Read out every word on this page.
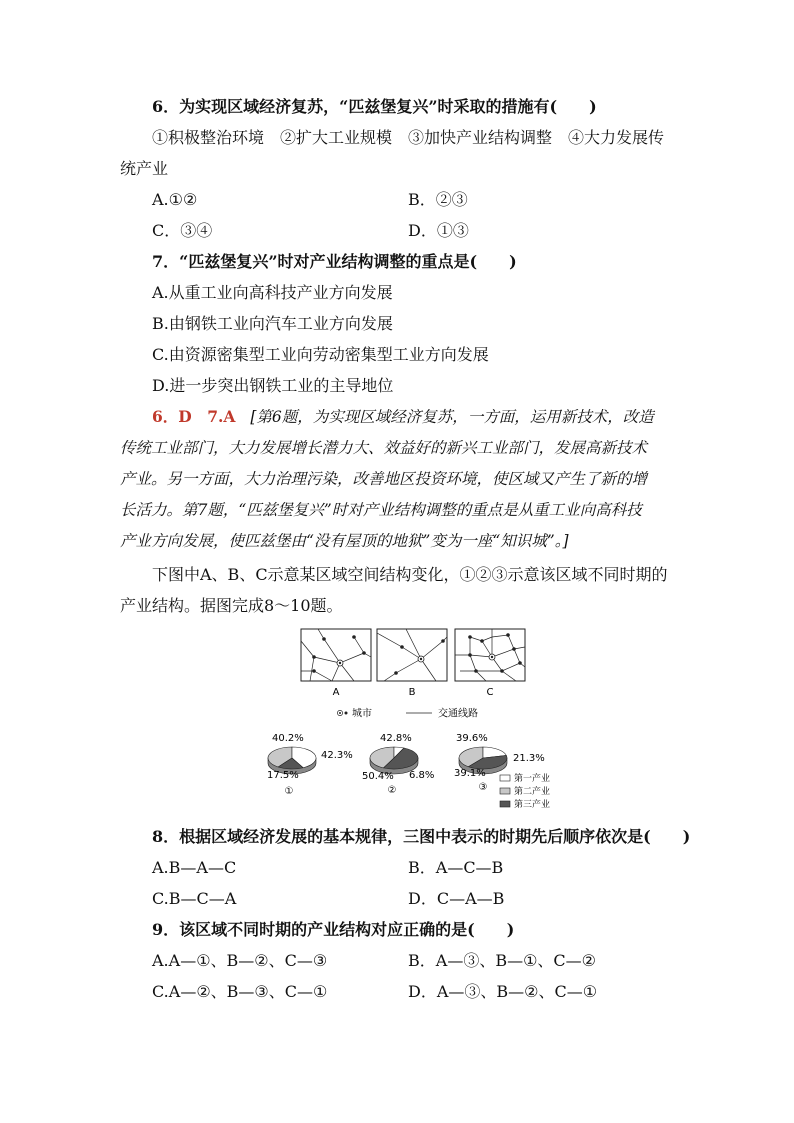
6．为实现区域经济复苏，“匹兹堡复兴”时采取的措施有(　　)
①积极整治环境　②扩大工业规模　③加快产业结构调整　④大力发展传
统产业
A.①②	B．②③
C．③④	D．①③
7．“匹兹堡复兴”时对产业结构调整的重点是(　　)
A.从重工业向高科技产业方向发展
B.由钢铁工业向汽车工业方向发展
C.由资源密集型工业向劳动密集型工业方向发展
D.进一步突出钢铁工业的主导地位
6．D　7.A [第6题，为实现区域经济复苏，一方面，运用新技术，改造
传统工业部门，大力发展增长潜力大、效益好的新兴工业部门，发展高新技术
产业。另一方面，大力治理污染，改善地区投资环境，使区域又产生了新的增
长活力。第7题，“匹兹堡复兴”时对产业结构调整的重点是从重工业向高科技
产业方向发展，使匹兹堡由“没有屋顶的地狱”变为一座“知识城”。]
下图中A、B、C示意某区域空间结构变化，①②③示意该区域不同时期的
产业结构。据图完成8～10题。
A	B	C
城市	交通线路
40.2%
42.3%
17.5%
①
42.8%
50.4% 6.8%
②
39.6%
21.3%
39.1%
③
第一产业
第二产业
第三产业
8．根据区域经济发展的基本规律，三图中表示的时期先后顺序依次是(　　)
A.B—A—C	B．A—C—B
C.B—C—A	D．C—A—B
9．该区域不同时期的产业结构对应正确的是(　　)
A.A—①、B—②、C—③	B．A—③、B—①、C—②
C.A—②、B—③、C—①	D．A—③、B—②、C—①
